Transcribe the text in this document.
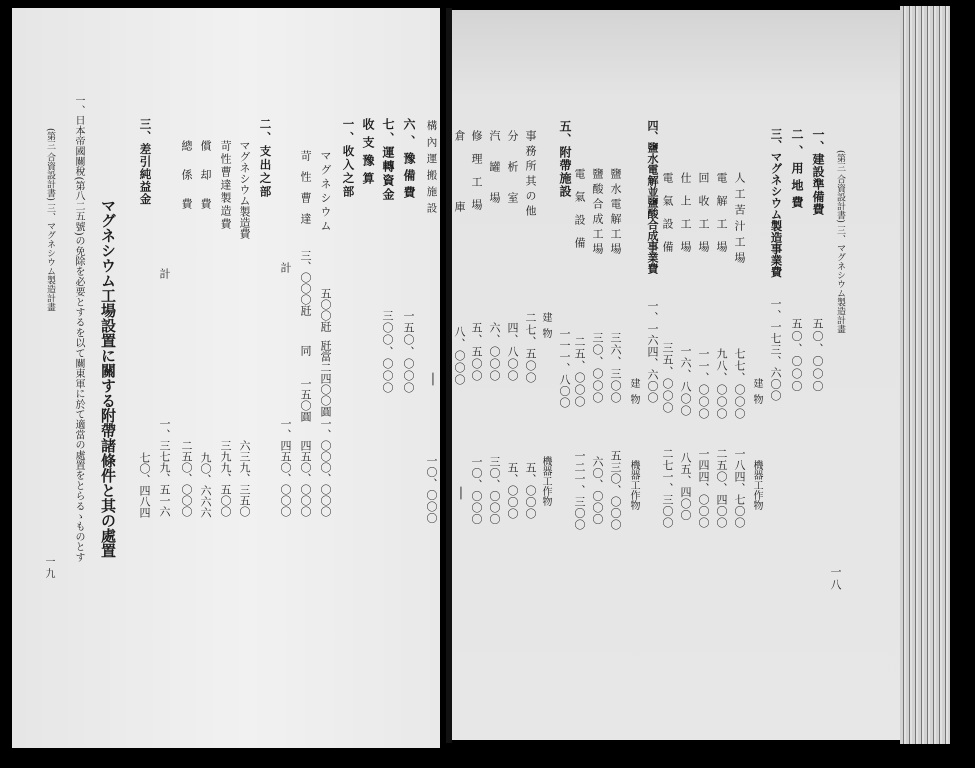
(第三 合資設計書) 三、マグネシウム製造計畫
一八
一、建設準備費
五〇、〇〇〇
二、用地費
五〇、〇〇〇
三、マグネシウム製造事業費
一、一七三、六〇〇
建物
機器工作物
人工苦汁工場
七七、〇〇〇
一八四、七〇〇
電解工場
九八、〇〇〇
二五〇、四〇〇
回收工場
一一、〇〇〇
一四四、〇〇〇
仕上工場
一六、八〇〇
八五、四〇〇
電氣設備
三五、〇〇〇
二七一、三〇〇
四、鹽水電解並鹽酸合成事業費
一、一六四、六〇〇
建物
機器工作物
鹽水電解工場
三六、三〇〇
五三〇、〇〇〇
鹽酸合成工場
三〇、〇〇〇
六〇、〇〇〇
電氣設備
二五、〇〇〇
一二一、三〇〇
五、附帶施設
一一一、八〇〇
建物
機器工作物
事務所其の他
二七、五〇〇
五、〇〇〇
分析室
四、八〇〇
五、〇〇〇
汽罐場
六、〇〇〇
三〇、〇〇〇
修理工場
五、五〇〇
一〇、〇〇〇
倉庫
八、〇〇〇
—
構內運搬施設
—
一〇、〇〇〇
六、豫備費
一五〇、〇〇〇
七、運轉資金
三〇〇、〇〇〇
收支豫算
一、收入之部
マグネシウム
五〇〇瓩
瓩當二四〇〇圓
一、〇〇〇、〇〇〇
苛性曹達
三、〇〇〇瓩
同　　一五〇圓
四五〇、〇〇〇
計
一、四五〇、〇〇〇
二、支出之部
マグネシウム製造費
六三九、三五〇
苛性曹達製造費
三九九、五〇〇
償却費
九〇、六六六
總係費
二五〇、〇〇〇
計
一、三七九、五一六
三、差引純益金
七〇、四八四
マグネシウム工場設置に關する附帶諸條件と其の處置
一、日本帝國關稅(第八二五號)の免除を必要とするを以て關東軍に於て適當の處置をとらるゝものとす
(第三 合資設計書) 三、マグネシウム製造計畫
一九
